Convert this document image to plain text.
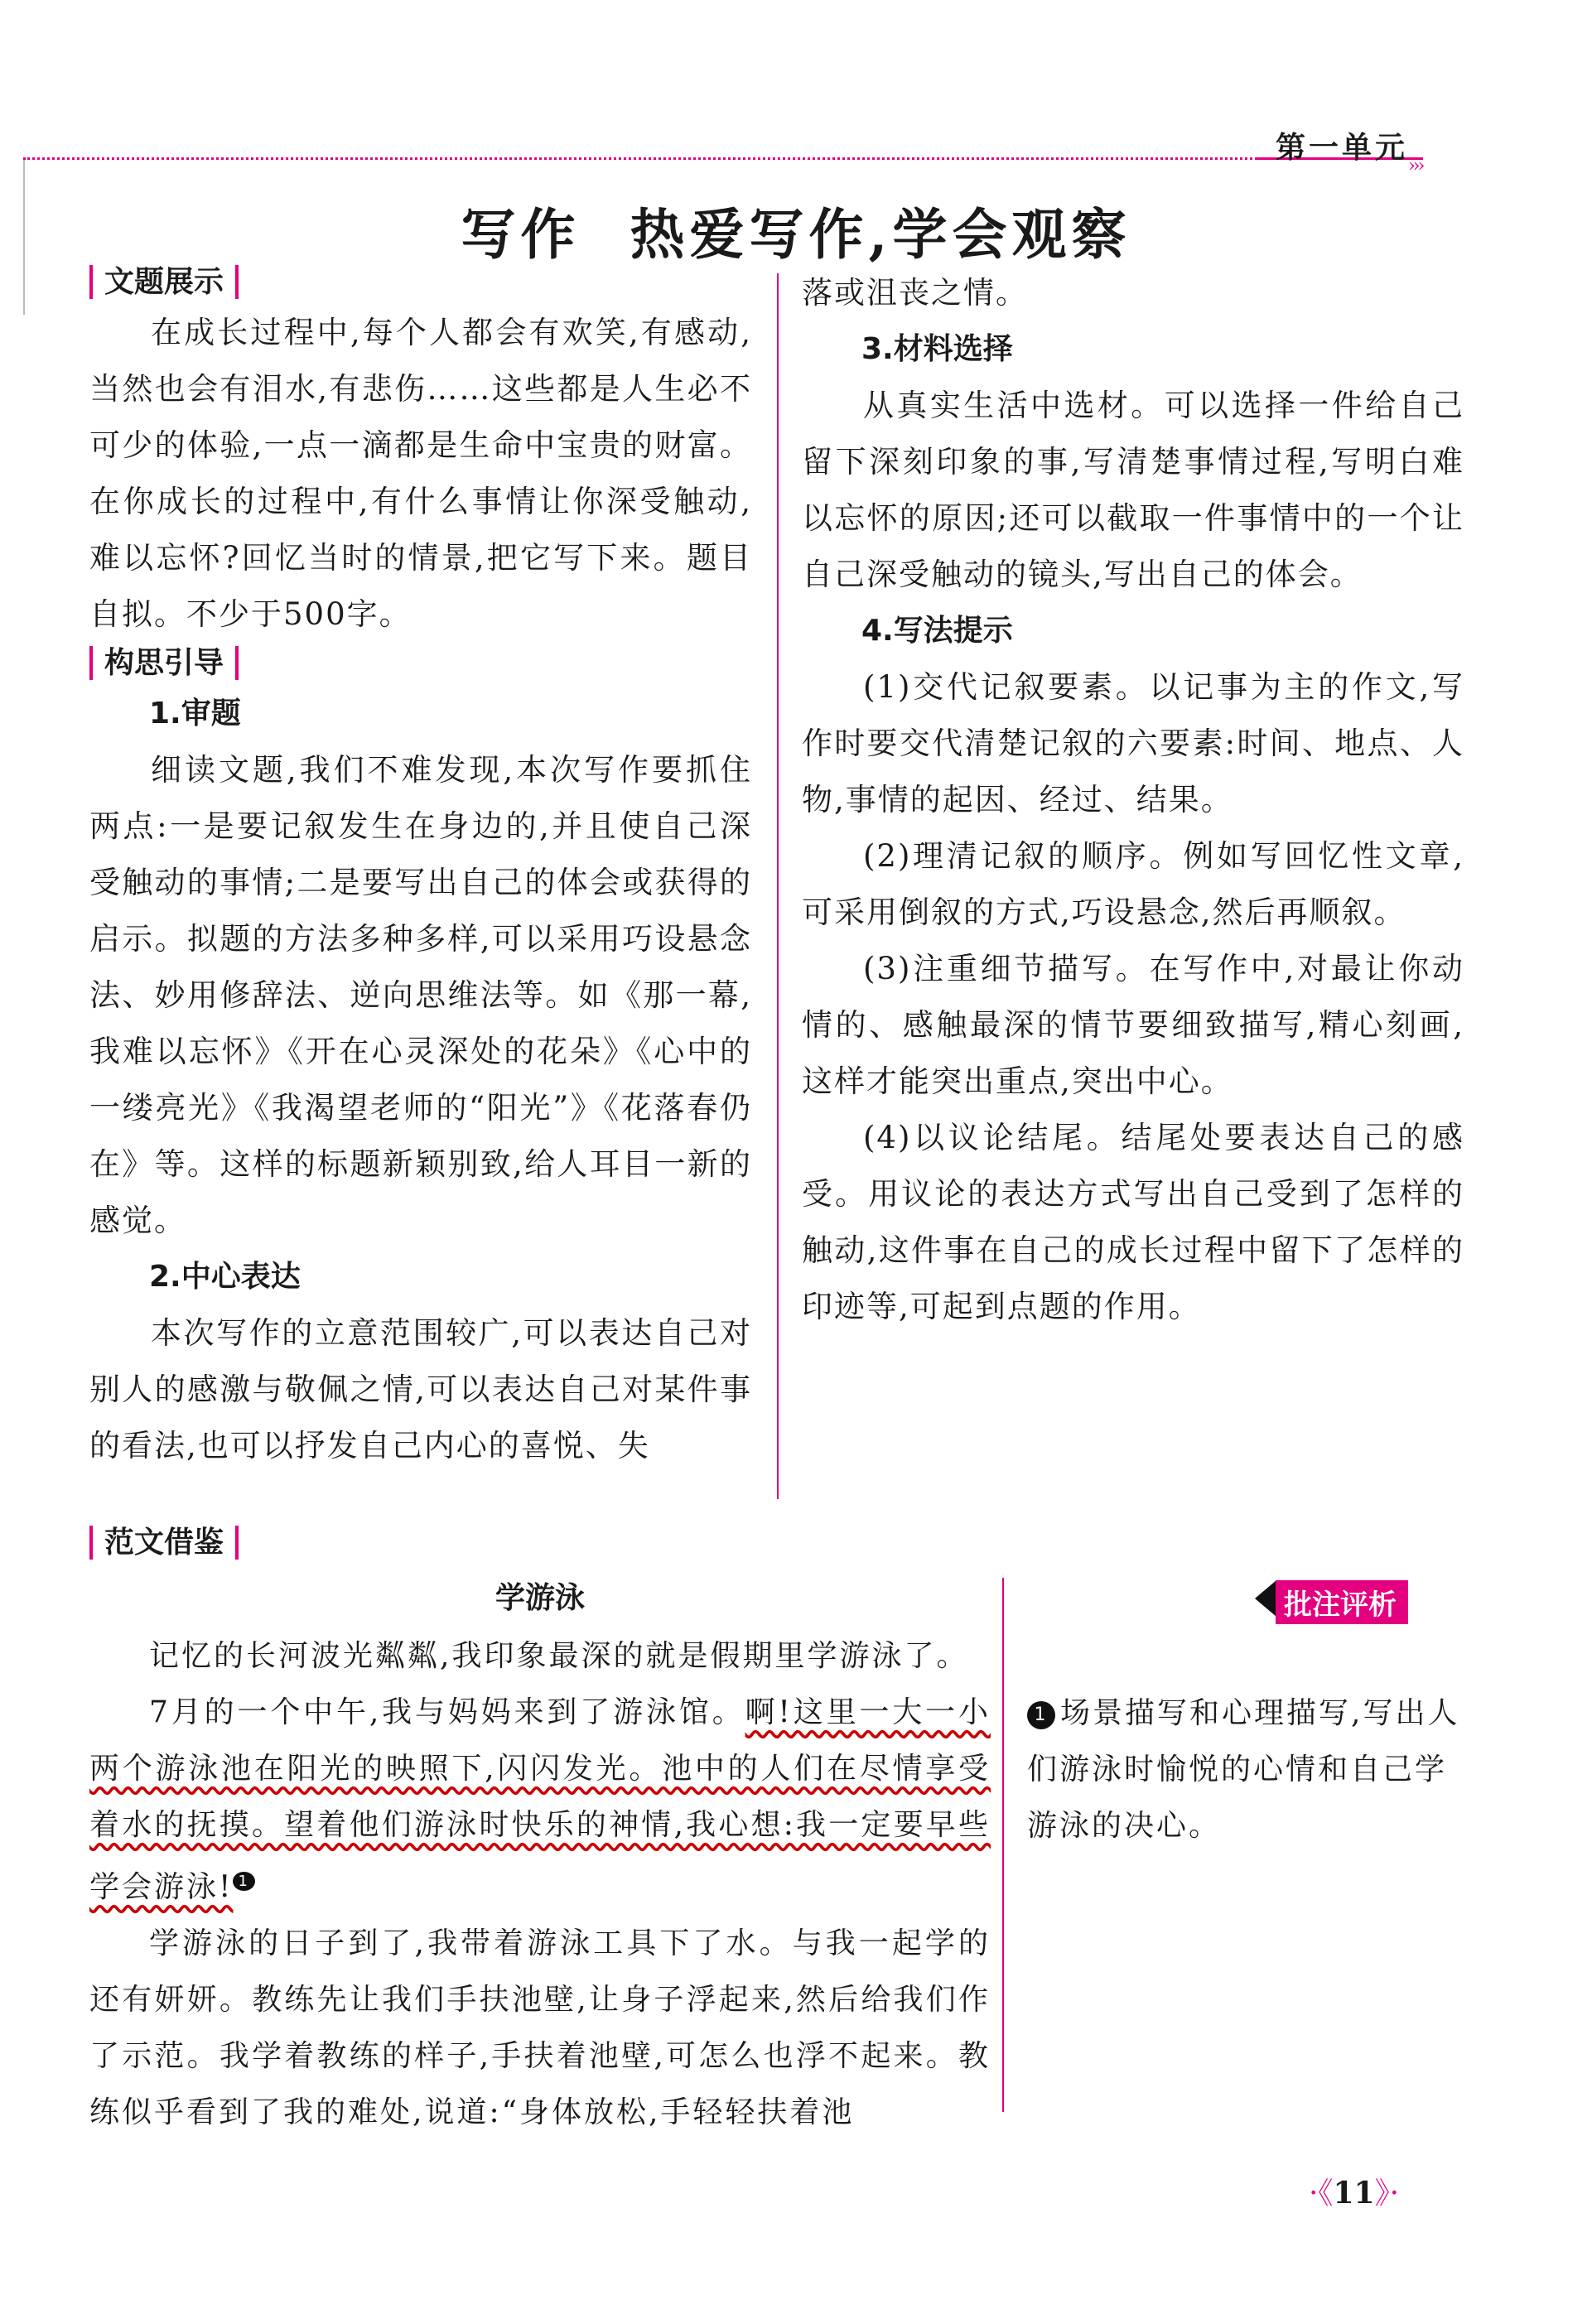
第一单元
›››
写作 热爱写作,学会观察
文题展示

在成长过程中,每个人都会有欢笑,有感动,当然也会有泪水,有悲伤……这些都是人生必不可少的体验,一点一滴都是生命中宝贵的财富。在你成长的过程中,有什么事情让你深受触动,难以忘怀?回忆当时的情景,把它写下来。题目自拟。不少于500字。

构思引导

1.审题

细读文题,我们不难发现,本次写作要抓住两点:一是要记叙发生在身边的,并且使自己深受触动的事情;二是要写出自己的体会或获得的启示。拟题的方法多种多样,可以采用巧设悬念法、妙用修辞法、逆向思维法等。如《那一幕,我难以忘怀》《开在心灵深处的花朵》《心中的一缕亮光》《我渴望老师的“阳光”》《花落春仍在》等。这样的标题新颖别致,给人耳目一新的感觉。

2.中心表达

本次写作的立意范围较广,可以表达自己对别人的感激与敬佩之情,可以表达自己对某件事的看法,也可以抒发自己内心的喜悦、失

落或沮丧之情。

3.材料选择

从真实生活中选材。可以选择一件给自己留下深刻印象的事,写清楚事情过程,写明白难以忘怀的原因;还可以截取一件事情中的一个让自己深受触动的镜头,写出自己的体会。

4.写法提示

(1)交代记叙要素。以记事为主的作文,写作时要交代清楚记叙的六要素:时间、地点、人物,事情的起因、经过、结果。

(2)理清记叙的顺序。例如写回忆性文章,可采用倒叙的方式,巧设悬念,然后再顺叙。

(3)注重细节描写。在写作中,对最让你动情的、感触最深的情节要细致描写,精心刻画,这样才能突出重点,突出中心。

(4)以议论结尾。结尾处要表达自己的感受。用议论的表达方式写出自己受到了怎样的触动,这件事在自己的成长过程中留下了怎样的印迹等,可起到点题的作用。

范文借鉴

学游泳

记忆的长河波光粼粼,我印象最深的就是假期里学游泳了。

7月的一个中午,我与妈妈来到了游泳馆。啊!这里一大一小两个游泳池在阳光的映照下,闪闪发光。池中的人们在尽情享受着水的抚摸。望着他们游泳时快乐的神情,我心想:我一定要早些学会游泳! $^1$

学游泳的日子到了,我带着游泳工具下了水。与我一起学的还有妍妍。教练先让我们手扶池壁,让身子浮起来,然后给我们作了示范。我学着教练的样子,手扶着池壁,可怎么也浮不起来。教练似乎看到了我的难处,说道:“身体放松,手轻轻扶着池

批注评析
1 场景描写和心理描写,写出人们游泳时愉悦的心情和自己学游泳的决心。
·《11》·
